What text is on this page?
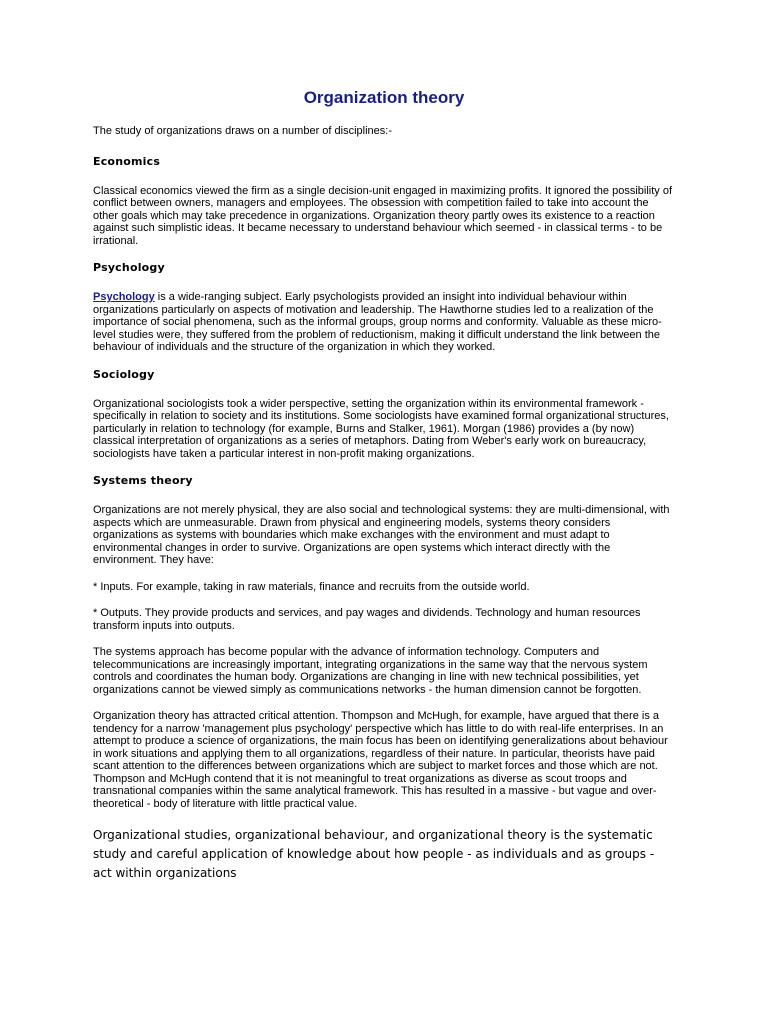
Organization theory

The study of organizations draws on a number of disciplines:-

Economics

Classical economics viewed the firm as a single decision-unit engaged in maximizing profits. It ignored the possibility of conflict between owners, managers and employees. The obsession with competition failed to take into account the other goals which may take precedence in organizations. Organization theory partly owes its existence to a reaction against such simplistic ideas. It became necessary to understand behaviour which seemed - in classical terms - to be irrational.

Psychology

Psychology is a wide-ranging subject. Early psychologists provided an insight into individual behaviour within organizations particularly on aspects of motivation and leadership. The Hawthorne studies led to a realization of the importance of social phenomena, such as the informal groups, group norms and conformity. Valuable as these micro-level studies were, they suffered from the problem of reductionism, making it difficult understand the link between the behaviour of individuals and the structure of the organization in which they worked.

Sociology

Organizational sociologists took a wider perspective, setting the organization within its environmental framework - specifically in relation to society and its institutions. Some sociologists have examined formal organizational structures, particularly in relation to technology (for example, Burns and Stalker, 1961). Morgan (1986) provides a (by now) classical interpretation of organizations as a series of metaphors. Dating from Weber's early work on bureaucracy, sociologists have taken a particular interest in non-profit making organizations.

Systems theory

Organizations are not merely physical, they are also social and technological systems: they are multi-dimensional, with aspects which are unmeasurable. Drawn from physical and engineering models, systems theory considers organizations as systems with boundaries which make exchanges with the environment and must adapt to environmental changes in order to survive. Organizations are open systems which interact directly with the environment. They have:

* Inputs. For example, taking in raw materials, finance and recruits from the outside world.

* Outputs. They provide products and services, and pay wages and dividends. Technology and human resources transform inputs into outputs.

The systems approach has become popular with the advance of information technology. Computers and telecommunications are increasingly important, integrating organizations in the same way that the nervous system controls and coordinates the human body. Organizations are changing in line with new technical possibilities, yet organizations cannot be viewed simply as communications networks - the human dimension cannot be forgotten.

Organization theory has attracted critical attention. Thompson and McHugh, for example, have argued that there is a tendency for a narrow 'management plus psychology' perspective which has little to do with real-life enterprises. In an attempt to produce a science of organizations, the main focus has been on identifying generalizations about behaviour in work situations and applying them to all organizations, regardless of their nature. In particular, theorists have paid scant attention to the differences between organizations which are subject to market forces and those which are not. Thompson and McHugh contend that it is not meaningful to treat organizations as diverse as scout troops and transnational companies within the same analytical framework. This has resulted in a massive - but vague and over-theoretical - body of literature with little practical value.

Organizational studies, organizational behaviour, and organizational theory is the systematic study and careful application of knowledge about how people - as individuals and as groups - act within organizations
